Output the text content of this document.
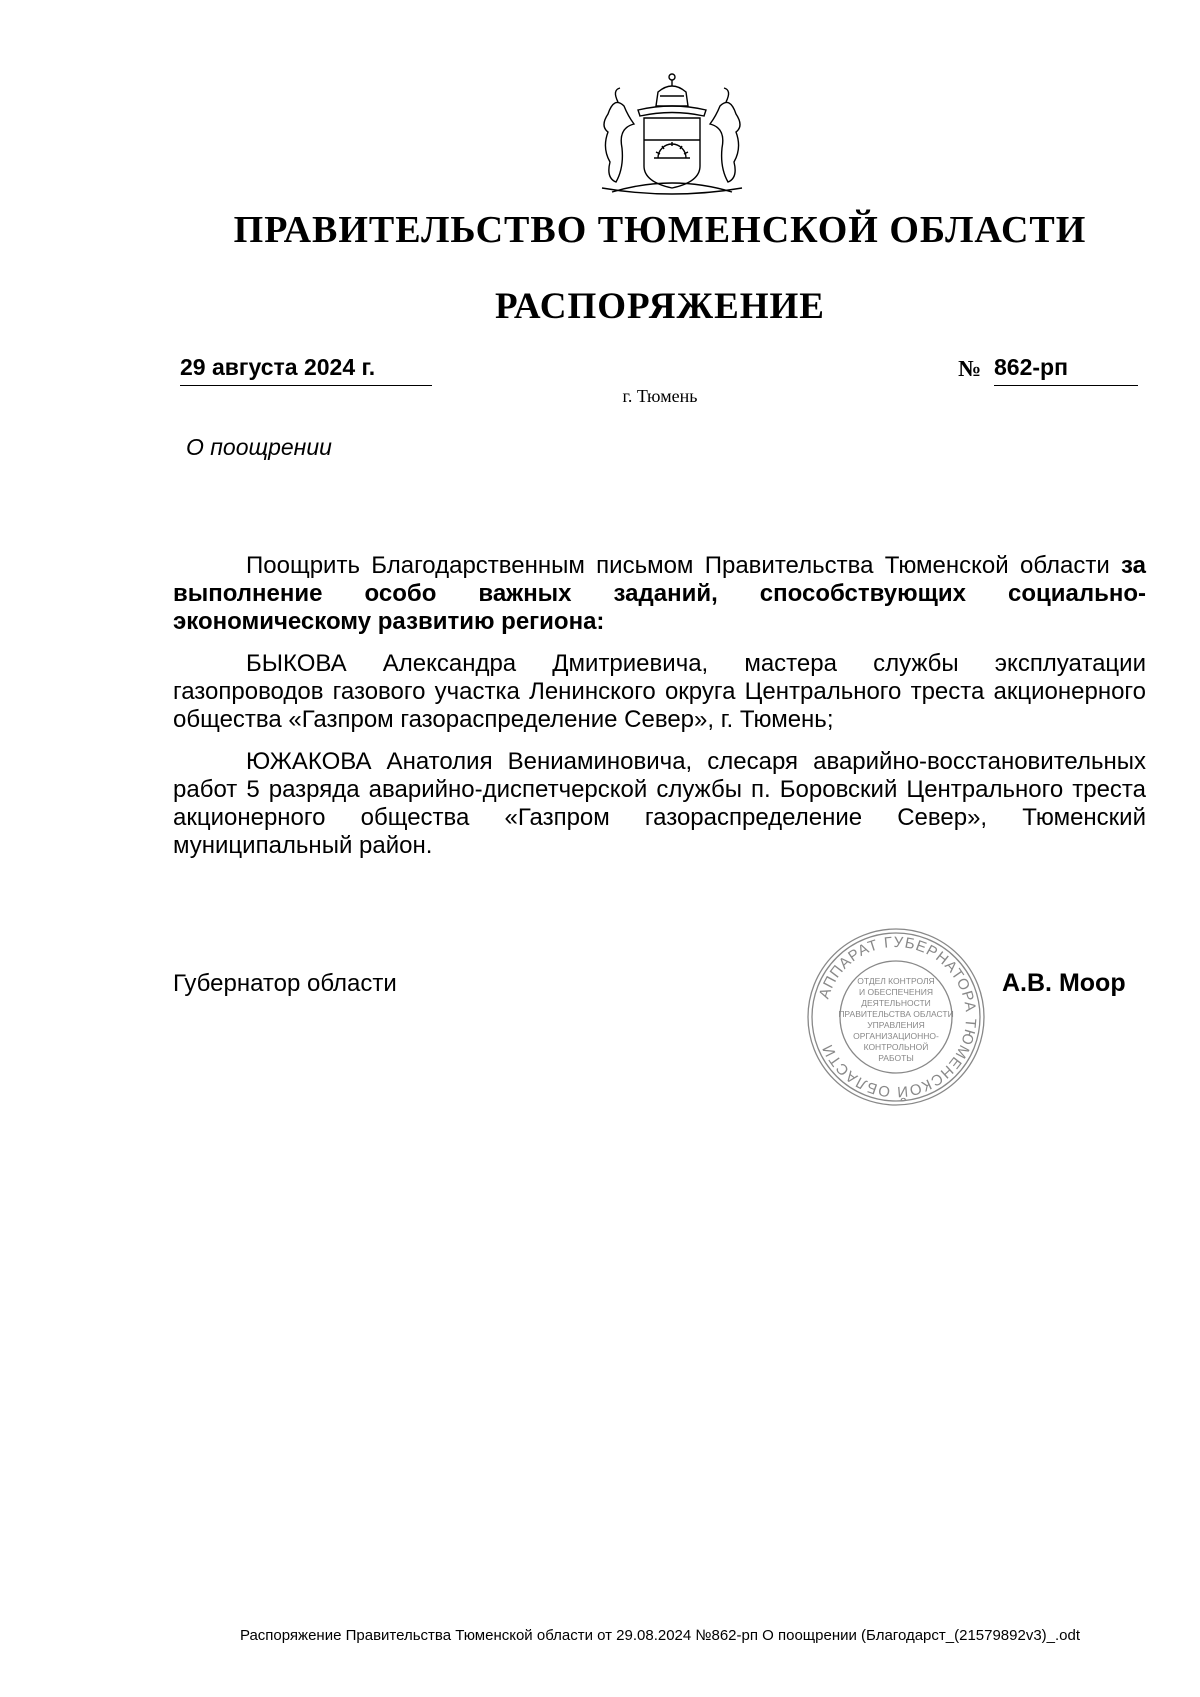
ПРАВИТЕЛЬСТВО ТЮМЕНСКОЙ ОБЛАСТИ
РАСПОРЯЖЕНИЕ
29 августа 2024 г.	№ 862-рп
г. Тюмень
О поощрении

Поощрить Благодарственным письмом Правительства Тюменской области за выполнение особо важных заданий, способствующих социально-экономическому развитию региона:

БЫКОВА Александра Дмитриевича, мастера службы эксплуатации газопроводов газового участка Ленинского округа Центрального треста акционерного общества «Газпром газораспределение Север», г. Тюмень;

ЮЖАКОВА Анатолия Вениаминовича, слесаря аварийно-восстановительных работ 5 разряда аварийно-диспетчерской службы п. Боровский Центрального треста акционерного общества «Газпром газораспределение Север», Тюменский муниципальный район.

Губернатор области	АППАРАТ ГУБЕРНАТОРА ТЮМЕНСКОЙ ОБЛАСТИ
ОТДЕЛ КОНТРОЛЯ
И ОБЕСПЕЧЕНИЯ
ДЕЯТЕЛЬНОСТИ
ПРАВИТЕЛЬСТВА ОБЛАСТИ
УПРАВЛЕНИЯ
ОРГАНИЗАЦИОННО-
КОНТРОЛЬНОЙ
РАБОТЫ
А.В. Моор
Распоряжение Правительства Тюменской области от 29.08.2024 №862-рп О поощрении (Благодарст_(21579892v3)_.odt
